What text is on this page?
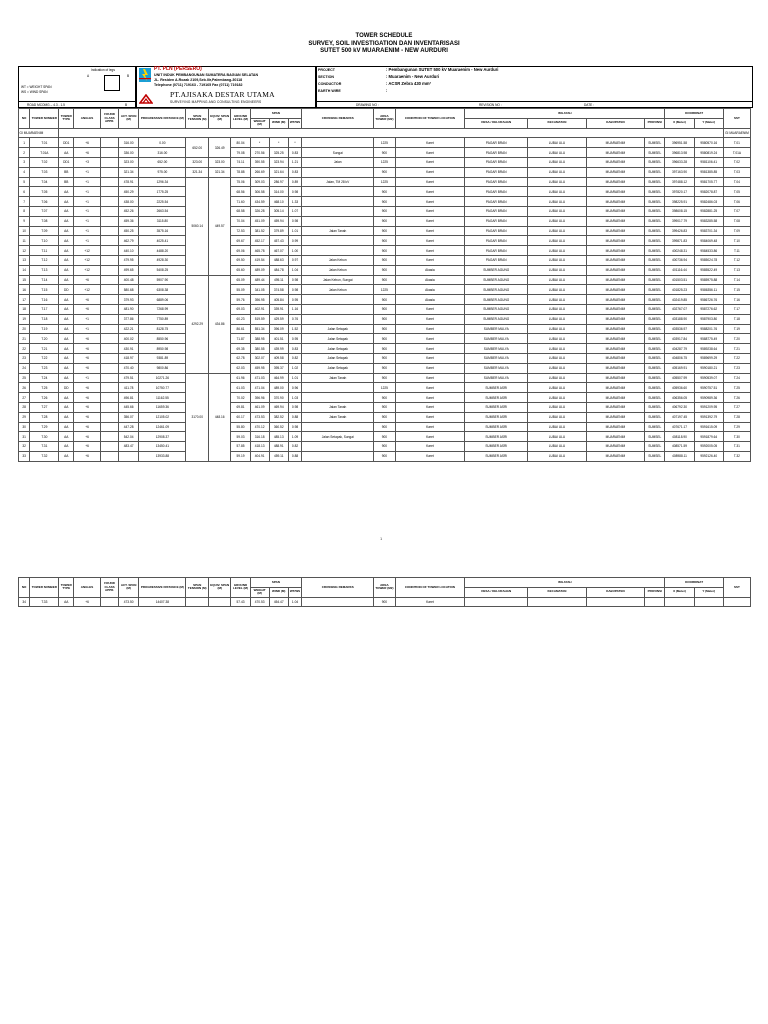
TOWER SCHEDULE
SURVEY, SOIL INVESTIGATION DAN INVENTARISASI
SUTET 500 kV MUARAENIM - NEW AURDURI
Indication of legs
A	B
WT = WEIGHT SPAN
WS = WIND SPAN
ROAD MCOMG – 4.3 - 1.5	B
PT. PLN (PERSERO)
UNIT INDUK PEMBANGUNAN SUMATERA BAGIAN SELATAN
JL. Residen A.Rozak 2109,Seb.Ilir,Palembang-30118
Telephone (0711) 719163 - 719165 Fax (0711) 719182
PT.AJISAKA DESTAR UTAMA
SURVEYING MAPPING AND CONSULTING ENGINEERS
PROJECT	: Pembangunan SUTET 500 kV Muaraenim - New Aurduri
SECTION	: Muaraenim - New Aurduri
CONDUCTOR	: ACSR Zebra 430 mm²
EARTH WIRE	:
DRAWING NO :	REVISION NO :	DATE :
NO	TOWER NUMBER	TOWER TYPE	ANGLES	FOUND CLASS APPR.	ACT. SPAN (M)	PROGRESSIVE DISTANCE (M)	SPAN TENSION (M)	EQUIV. SPAN (M)	GROUND LEVEL (M)	SPAN			CROSSING REMARKS	AREA TOWER (M2)	CONDITION OF TOWER LOCATION	WILAYAH				KOORDINAT		SST
										WEIGHT (M)	WIND (M)	WT/WS				DESA / KELURAHAN	KECAMATAN	KABUPATEN	PROVINSI	X (Meter)	Y (Meter)	

GI MUARAENIM																						GI MUARAENIM
1	T.01	DD1	+6		316.00	0.00	652.00	326.49	80.04	*	*	*		1225	Karet	PAGAR BRAN	LUBAI ULU	MUARAENIM	SUMSEL	396951.58	9580570.16	T.01
2	T.01A	AA	+6		336.00	316.00			79.08	270.56	325.25	0.83	Sungai	900	Karet	PAGAR BRAN	LUBAI ULU	MUARAENIM	SUMSEL	396813.98	9580819.24	T.01A
3	T.02	DD1	+3		323.00	652.00	323.00	323.00	74.11	390.55	323.94	1.21	Jalan	1225	Karet	PAGAR BRAN	LUBAI ULU	MUARAENIM	SUMSEL	396633.28	9581106.41	T.02
4	T.03	BB	+1		321.34	975.00	321.34	321.34	78.88	266.69	321.64	0.83		900	Karet	PAGAR BRAN	LUBAI ULU	MUARAENIM	SUMSEL	397163.90	9581385.85	T.03
5	T.04	BB	+1		478.91	1296.34	5060.14	449.57	75.06	309.03	286.97	0.89	Jalan, TM 28 kV	1225	Karet	PAGAR BRAN	LUBAI ULU	MUARAENIM	SUMSEL	397488.12	9581705.77	T.04
6	T.05	AA	+1		450.29	1775.25			68.56	306.58	314.00	0.98		900	Karet	PAGAR BRAN	LUBAI ULU	MUARAENIM	SUMSEL	397820.17	9582078.87	T.05
7	T.06	AA	+1		438.00	2225.54			71.60	434.59	468.10	1.33		900	Karet	PAGAR BRAN	LUBAI ULU	MUARAENIM	SUMSEL	398225.91	9582486.03	T.06
8	T.07	AA	+1		452.26	2663.54			68.58	326.28	305.14	1.07		900	Karet	PAGAR BRAN	LUBAI ULU	MUARAENIM	SUMSEL	398608.15	9582881.25	T.07
9	T.08	AA	+1		459.36	3115.80			70.04	451.09	459.94	0.98		900	Karet	PAGAR BRAN	LUBAI ULU	MUARAENIM	SUMSEL	399017.79	9583285.58	T.08
10	T.09	AA	+1		450.25	3575.16			72.53	381.52	379.89	1.01	Jalan Tanah	900	Karet	PAGAR BRAN	LUBAI ULU	MUARAENIM	SUMSEL	399426.83	9583701.34	T.09
11	T.10	AA	+1		462.79	4025.41			69.67	452.17	457.43	0.99		900	Karet	PAGAR BRAN	LUBAI ULU	MUARAENIM	SUMSEL	399871.83	9584069.48	T.10
12	T.11	AA	+12		440.10	4488.20			69.06	465.78	467.07	1.00		900	Karet	PAGAR BRAN	LUBAI ULU	MUARAENIM	SUMSEL	400248.31	9584533.86	T.11
13	T.12	AA	+12		479.95	4928.30			69.50	419.54	488.63	0.97	Jalan Kebun	900	Karet	PAGAR BRAN	LUBAI ULU	MUARAENIM	SUMSEL	400736.94	9585024.78	T.12
14	T.13	AA	+12		499.65	5408.25			65.60	489.09	484.78	1.04	Jalan Kebun	900	Akasia	SUMBER AGUNG	LUBAI ULU	MUARAENIM	SUMSEL	401116.44	9585522.49	T.13
15	T.14	AA	+6		400.48	5907.90	4292.29	434.86	65.09	489.44	495.11	0.98	Jalan Kebun, Sungai	900	Akasia	SUMBER AGUNG	LUBAI ULU	MUARAENIM	SUMSEL	401503.51	9585975.88	T.14
16	T.15	DD	+12		580.68	6308.38			55.09	341.05	374.58	0.98	Jalan Kebun	1225	Akasia	SUMBER AGUNG	LUBAI ULU	MUARAENIM	SUMSEL	401825.23	9586356.11	T.15
17	T.16	AA	+6		379.93	6889.06			59.76	396.95	405.84	0.95		900	Akasia	SUMBER AGUNG	LUBAI ULU	MUARAENIM	SUMSEL	402419.85	9586726.76	T.16
18	T.17	AA	+6		481.90	7268.99			69.03	402.91	339.91	1.16		900	Karet	SUMBER AGUNG	LUBAI ULU	MUARAENIM	SUMSEL	402767.07	9587276.62	T.17
19	T.18	AA	+1		377.86	7750.89			60.23	519.59	429.59	0.76		900	Karet	SUMBER AGUNG	LUBAI ULU	MUARAENIM	SUMSEL	403188.90	9587903.80	T.18
20	T.19	AA	+1		422.21	8128.75			86.61	551.34	396.09	1.52	Jalan Setapak	900	Karet	SUMBER MULYA	LUBAI ULU	MUARAENIM	SUMSEL	403536.97	9588201.76	T.19
21	T.20	AA	+6		400.02	8550.96			71.87	388.95	401.51	0.95	Jalan Setapak	900	Karet	SUMBER MULYA	LUBAI ULU	MUARAENIM	SUMSEL	403917.84	9588775.49	T.20
22	T.21	AA	+6		430.91	8950.98			69.35	380.55	439.99	0.83	Jalan Setapak	900	Karet	SUMBER MULYA	LUBAI ULU	MUARAENIM	SUMSEL	404287.79	9589238.64	T.21
23	T.22	AA	+6		418.97	9381.89			62.78	302.07	409.58	0.82	Jalan Setapak	900	Karet	SUMBER MULYA	LUBAI ULU	MUARAENIM	SUMSEL	404806.75	9589699.29	T.22
24	T.23	AA	+6		470.40	9800.86			62.03	459.95	395.37	1.02	Jalan Setapak	900	Karet	SUMBER MULYA	LUBAI ULU	MUARAENIM	SUMSEL	405169.91	9590180.21	T.23
25	T.24	AA	+1		479.51	10271.26	3170.00	448.16	61.96	471.03	464.99	1.01	Jalan Tanah	900	Karet	SUMBER MULYA	LUBAI ULU	MUARAENIM	SUMSEL	405507.99	9590539.07	T.24
26	T.25	DD	+6		411.78	10750.77			61.03	471.04	489.00	0.96		1225	Karet	SUMBER ASRI	LUBAI ULU	MUARAENIM	SUMSEL	405936.60	9590757.51	T.25
27	T.26	AA	+6		496.81	11162.55			70.02	396.96	370.90	1.03		900	Karet	SUMBER ASRI	LUBAI ULU	MUARAENIM	SUMSEL	406356.05	9590989.36	T.26
28	T.27	AA	+6		445.66	11659.36			69.81	461.09	469.94	0.98	Jalan Tanah	900	Karet	SUMBER ASRI	LUBAI ULU	MUARAENIM	SUMSEL	406792.30	9591209.95	T.27
29	T.28	AA	+6		356.07	12105.02			60.17	473.53	382.52	0.88	Jalan Tanah	900	Karet	SUMBER ASRI	LUBAI ULU	MUARAENIM	SUMSEL	407197.45	9591392.79	T.28
30	T.29	AA	+6		447.28	12461.09			55.80	470.12	360.52	0.98		900	Karet	SUMBER ASRI	LUBAI ULU	MUARAENIM	SUMSEL	407671.17	9591615.09	T.29
31	T.30	AA	+6		542.04	12908.37			59.03	316.18	485.13	1.09	Jalan Setapak, Sungai	900	Karet	SUMBER ASRI	LUBAI ULU	MUARAENIM	SUMSEL	408118.90	9591879.64	T.30
32	T.31	AA	+6		483.47	13450.41			57.85	418.13	488.91	0.82		900	Karet	SUMBER ASRI	LUBAI ULU	MUARAENIM	SUMSEL	408571.59	9592005.05	T.31
33	T.32	AA	+6			13933.88			59.19	404.91	459.11	0.88		900	Karet	SUMBER ASRI	LUBAI ULU	MUARAENIM	SUMSEL	408988.11	9592126.40	T.32
1
NO	TOWER NUMBER	TOWER TYPE	ANGLES	FOUND CLASS APPR.	ACT. SPAN (M)	PROGRESSIVE DISTANCE (M)	SPAN TENSION (M)	EQUIV. SPAN (M)	GROUND LEVEL (M)	SPAN			CROSSING REMARKS	AREA TOWER (M2)	CONDITION OF TOWER LOCATION	WILAYAH				KOORDINAT		SST
										WEIGHT (M)	WIND (M)	WT/WS				DESA / KELURAHAN	KECAMATAN	KABUPATEN	PROVINSI	X (Meter)	Y (Meter)	
34	T.33	AA	+6		473.50	14407.38			57.43	470.53	454.47	1.04		900	Karet							
